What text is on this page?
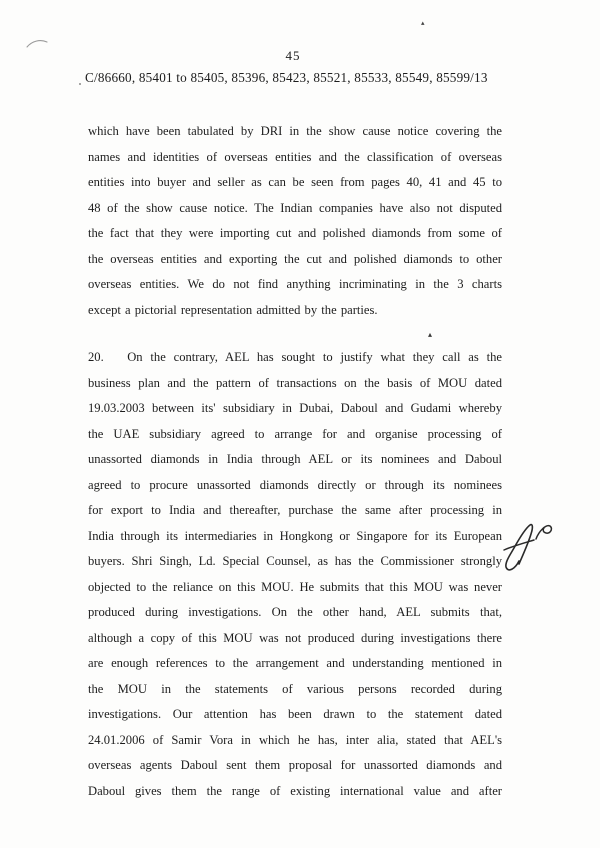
45
C/86660, 85401 to 85405, 85396, 85423, 85521, 85533, 85549, 85599/13
which have been tabulated by DRI in the show cause notice covering the
names and identities of overseas entities and the classification of overseas
entities into buyer and seller as can be seen from pages 40, 41 and 45 to
48 of the show cause notice. The Indian companies have also not disputed
the fact that they were importing cut and polished diamonds from some of
the overseas entities and exporting the cut and polished diamonds to other
overseas entities. We do not find anything incriminating in the 3 charts
except a pictorial representation admitted by the parties.
20.   On the contrary, AEL has sought to justify what they call as the
business plan and the pattern of transactions on the basis of MOU dated
19.03.2003 between its' subsidiary in Dubai, Daboul and Gudami whereby
the UAE subsidiary agreed to arrange for and organise processing of
unassorted diamonds in India through AEL or its nominees and Daboul
agreed to procure unassorted diamonds directly or through its nominees
for export to India and thereafter, purchase the same after processing in
India through its intermediaries in Hongkong or Singapore for its European
buyers. Shri Singh, Ld. Special Counsel, as has the Commissioner strongly
objected to the reliance on this MOU. He submits that this MOU was never
produced during investigations. On the other hand, AEL submits that,
although a copy of this MOU was not produced during investigations there
are enough references to the arrangement and understanding mentioned in
the MOU in the statements of various persons recorded during
investigations. Our attention has been drawn to the statement dated
24.01.2006 of Samir Vora in which he has, inter alia, stated that AEL's
overseas agents Daboul sent them proposal for unassorted diamonds and
Daboul gives them the range of existing international value and after
▴
▴
